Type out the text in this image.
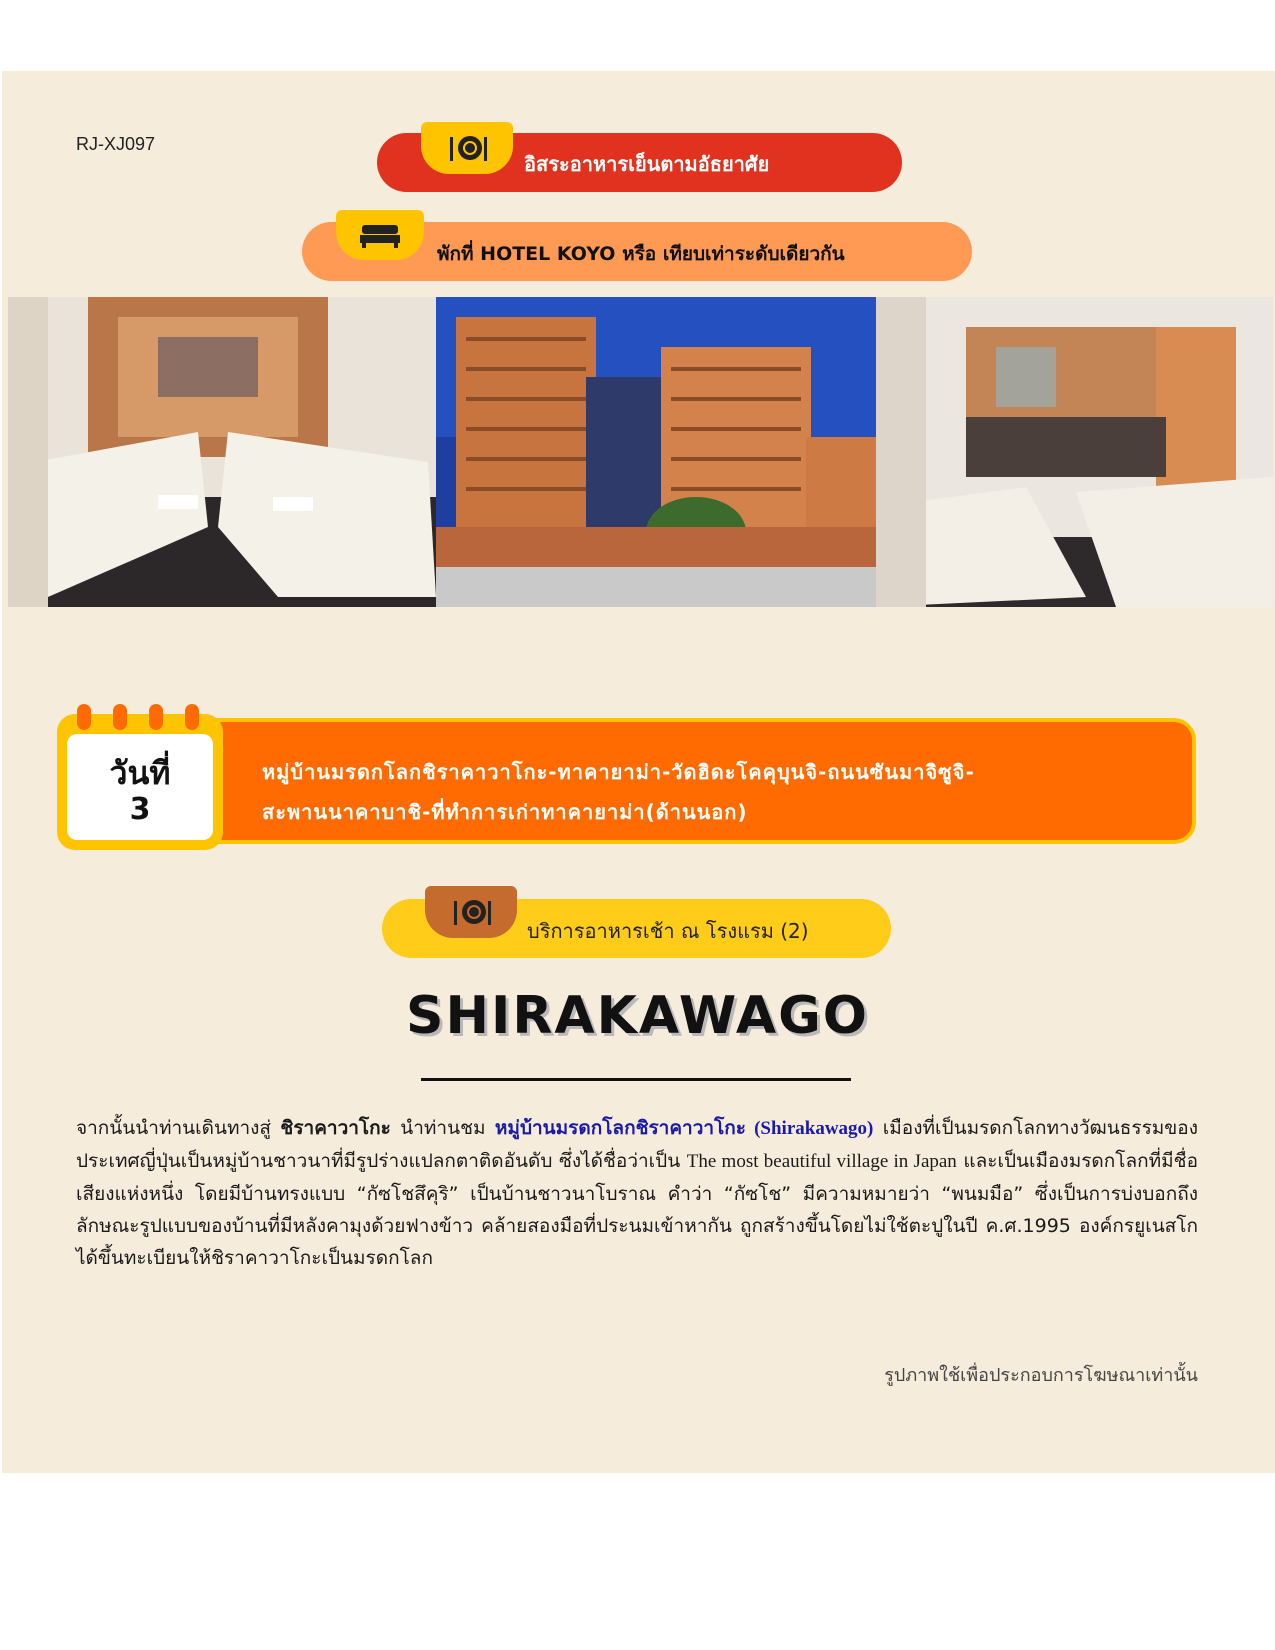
RJ-XJ097
อิสระอาหารเย็นตามอัธยาศัย
พักที่ HOTEL KOYO หรือ เทียบเท่าระดับเดียวกัน
วันที่
3
หมู่บ้านมรดกโลกชิราคาวาโกะ-ทาคายาม่า-วัดฮิดะโคคุบุนจิ-ถนนซันมาจิซูจิ-
สะพานนาคาบาชิ-ที่ทำการเก่าทาคายาม่า(ด้านนอก)
บริการอาหารเช้า ณ โรงแรม (2)
SHIRAKAWAGO
จากนั้นนำท่านเดินทางสู่ ชิราคาวาโกะ นำท่านชม หมู่บ้านมรดกโลกชิราคาวาโกะ (Shirakawago) เมืองที่เป็นมรดกโลกทางวัฒนธรรมของประเทศญี่ปุ่นเป็นหมู่บ้านชาวนาที่มีรูปร่างแปลกตาติดอันดับ ซึ่งได้ชื่อว่าเป็น The most beautiful village in Japan และเป็นเมืองมรดกโลกที่มีชื่อเสียงแห่งหนึ่ง โดยมีบ้านทรงแบบ “กัซโชสึคุริ” เป็นบ้านชาวนาโบราณ คำว่า “กัซโช” มีความหมายว่า “พนมมือ” ซึ่งเป็นการบ่งบอกถึงลักษณะรูปแบบของบ้านที่มีหลังคามุงด้วยฟางข้าว คล้ายสองมือที่ประนมเข้าหากัน ถูกสร้างขึ้นโดยไม่ใช้ตะปูในปี ค.ศ.1995 องค์กรยูเนสโกได้ขึ้นทะเบียนให้ชิราคาวาโกะเป็นมรดกโลก
รูปภาพใช้เพื่อประกอบการโฆษณาเท่านั้น
